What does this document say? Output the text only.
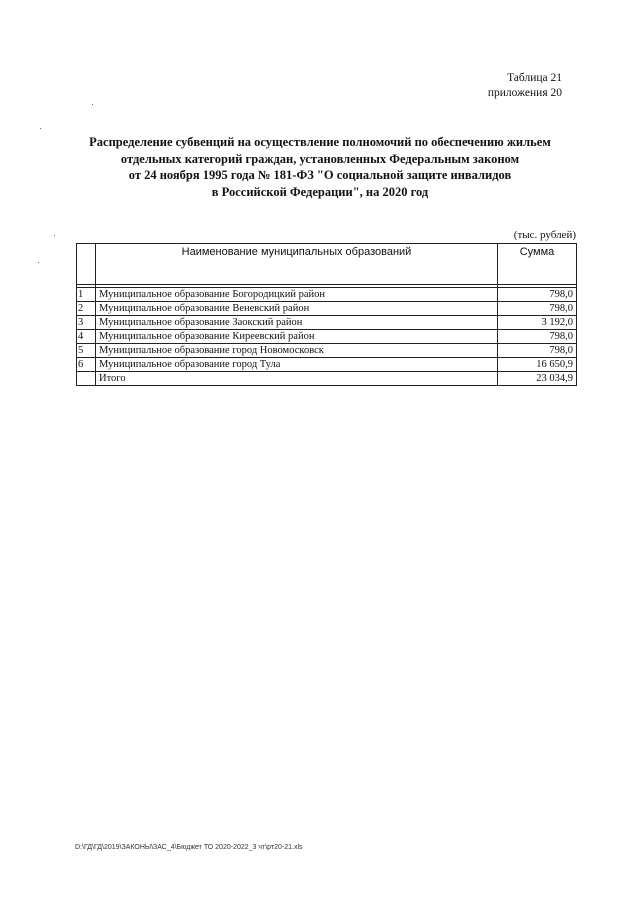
Таблица 21
приложения 20
Распределение субвенций на осуществление полномочий по обеспечению жильем
отдельных категорий граждан, установленных Федеральным законом
от 24 ноября 1995 года № 181-ФЗ "О социальной защите инвалидов
в Российской Федерации", на 2020 год
(тыс. рублей)
	Наименование муниципальных образований	Сумма

1	Муниципальное образование Богородицкий район	798,0
2	Муниципальное образование Веневский район	798,0
3	Муниципальное образование Заокский район	3 192,0
4	Муниципальное образование Киреевский район	798,0
5	Муниципальное образование город Новомосковск	798,0
6	Муниципальное образование город Тула	16 650,9
	Итого	23 034,9
D:\ГД\ГД\2019\ЗАКОНЫ\ЗАС_4\Бюджет ТО 2020-2022_3 чт\рт20-21.xls
